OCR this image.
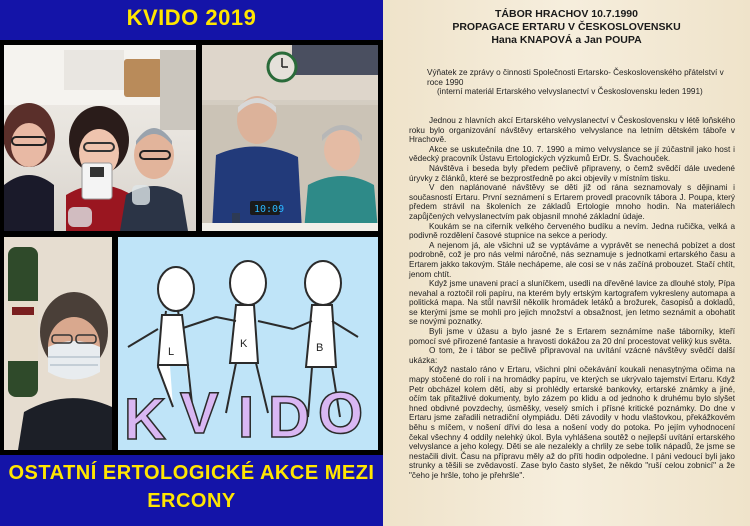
KVIDO 2019
10:09
L
K	B
K V I D O
OSTATNÍ ERTOLOGICKÉ AKCE MEZI
ERCONY
TÁBOR HRACHOV 10.7.1990
PROPAGACE ERTARU V ČESKOSLOVENSKU
Hana KNAPOVÁ a Jan POUPA

Výňatek ze zprávy o činnosti Společnosti Ertarsko- Československého přátelství v roce 1990

(interní materiál Ertarského velvyslanectví v Československu leden 1991)

Jednou z hlavních akcí Ertarského velvyslanectví v Československu v létě loňského roku bylo organizování návštěvy ertarského velvyslance na letním dětském táboře v Hrachově.

Akce se uskutečnila dne 10. 7. 1990 a mimo velvyslance se jí zúčastnil jako host i vědecký pracovník Ústavu Ertologických výzkumů ErDr. S. Švachouček.

Návštěva i beseda byly předem pečlivě připraveny, o čemž svědčí dále uvedené úryvky z článků, které se bezprostředně po akci objevily v místním tisku.

V den naplánované návštěvy se děti již od rána seznamovaly s dějinami i současností Ertaru. První seznámení s Ertarem provedl pracovník tábora J. Poupa, který předem strávil na školeních ze základů Ertologie mnoho hodin. Na materiálech zapůjčených velvyslanectvím pak objasnil mnohé základní údaje.

Koukám se na ciferník velkého červeného budíku a nevím. Jedna ručička, velká a podivně rozdělení časové stupnice na sekce a periody.

A nejenom já, ale všichni už se vyptáváme a vyprávět se nenechá pobízet a dost podrobně, což je pro nás velmi náročné, nás seznamuje s jednotkami ertarského času a Ertarem jakko takovým. Stále nechápeme, ale cosi se v nás začíná probouzet. Stačí chtít, jenom chtít.

Když jsme unaveni prací a sluníčkem, usedli na dřevěné lavice za dlouhé stoly, Pípa nevahal a roztočil roli papíru, na kterém byly ertským kartografem vykresleny automapa a politická mapa. Na stůl navršil několik hromádek letáků a brožurek, časopisů a dokladů, se kterými jsme se mohli pro jejich množství a obsažnost, jen letmo seznámit a obohatit se novými poznatky.

Byli jsme v úžasu a bylo jasné že s Ertarem seznámíme naše táborníky, kteří pomocí své přirozené fantasie a hravosti dokážou za 20 dní procestovat veliký kus světa.

O tom, že i tábor se pečlivě připravoval na uvítání vzácné návštěvy svědčí další ukázka:

Když nastalo ráno v Ertaru, všichni plni očekávání koukali nenasytnýma očima na mapy stočené do rolí i na hromádky papíru, ve kterých se ukrývalo tajemství Ertaru. Když Petr obcházel kolem dětí, aby si prohlédly ertarské bankovky, ertarské známky a jiné, očím tak přitažlivé dokumenty, bylo zázem po klidu a od jednoho k druhému bylo slyšet hned obdivné povzdechy, úsměšky, veselý smích i přísné kritické poznámky. Do dne v Ertaru jsme zařadili netradiční olympiádu. Děti závodily v hodu vlaštovkou, překážkovém běhu s míčem, v nošení dřívi do lesa a nošení vody do potoka. Po jejím vyhodnocení čekal všechny 4 oddíly nelehký úkol. Byla vyhlášena soutěž o nejlepší uvítání ertarského velvyslance a jeho kolegy. Děti se ale nezalekly a chrlily ze sebe tolik nápadů, že jsme se nestačili divit. Času na přípravu měly až do příti hodin odpoledne. I páni vedoucí byli jako strunky a těšili se zvědavostí. Zase bylo často slyšet, že někdo "ruší celou zobnicí" a že "čeho je hršle, toho je přehršle".
